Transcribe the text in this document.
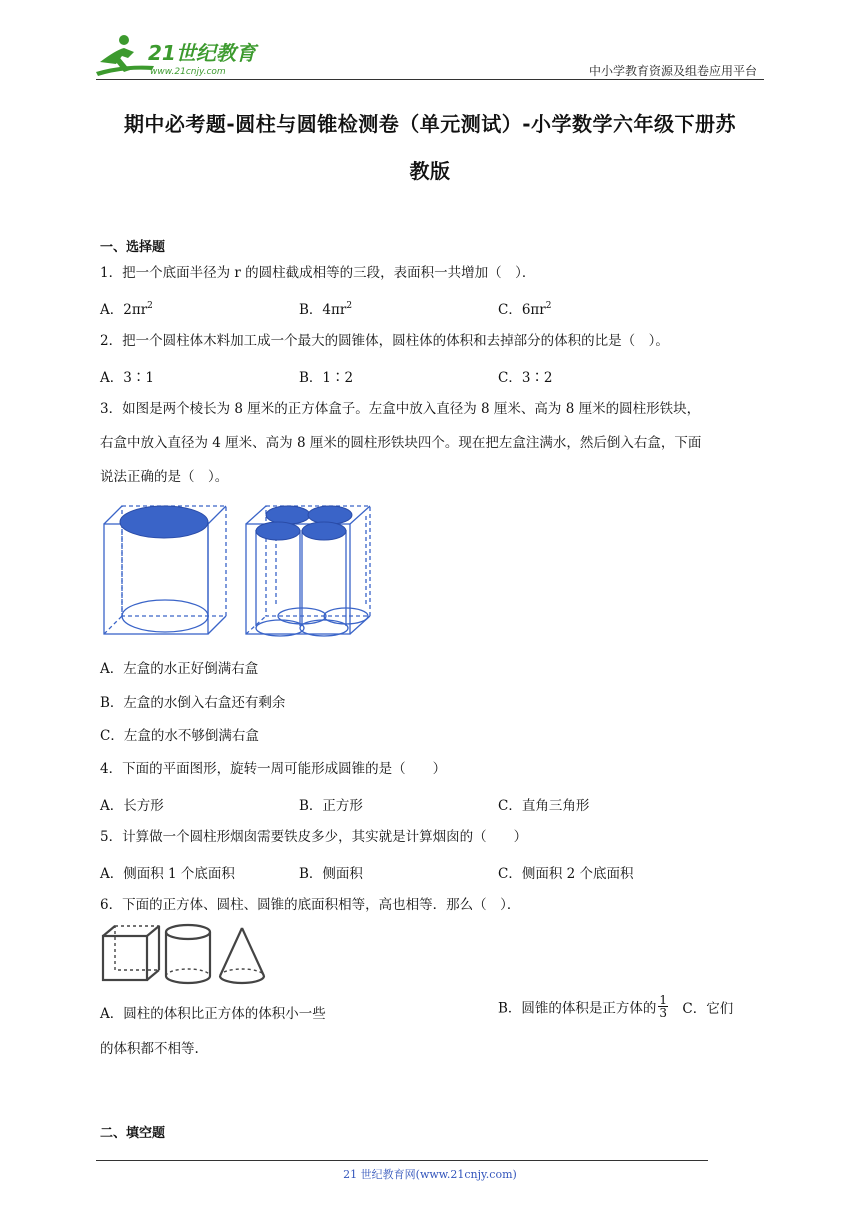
21世纪教育
www.21cnjy.com	中小学教育资源及组卷应用平台
期中必考题-圆柱与圆锥检测卷（单元测试）-小学数学六年级下册苏
教版
一、选择题
1．把一个底面半径为 r 的圆柱截成相等的三段，表面积一共增加（　）．
A．$2\pi r^2$	B．$4\pi r^2$	C．$6\pi r^2$
2．把一个圆柱体木料加工成一个最大的圆锥体，圆柱体的体积和去掉部分的体积的比是（　）。
A．3∶1	B．1∶2	C．3∶2
3．如图是两个棱长为 8 厘米的正方体盒子。左盒中放入直径为 8 厘米、高为 8 厘米的圆柱形铁块，
右盒中放入直径为 4 厘米、高为 8 厘米的圆柱形铁块四个。现在把左盒注满水，然后倒入右盒，下面
说法正确的是（　）。
A．左盒的水正好倒满右盒
B．左盒的水倒入右盒还有剩余
C．左盒的水不够倒满右盒
4．下面的平面图形，旋转一周可能形成圆锥的是（　　）
A．长方形	B．正方形	C．直角三角形
5．计算做一个圆柱形烟囱需要铁皮多少，其实就是计算烟囱的（　　）
A．侧面积 1 个底面积	B．侧面积	C．侧面积 2 个底面积
6．下面的正方体、圆柱、圆锥的底面积相等，高也相等．那么（　）．
A．圆柱的体积比正方体的体积小一些	B．圆锥的体积是正方体的 $\frac{1}{3}$ C．它们
的体积都不相等.
二、填空题
21 世纪教育网(www.21cnjy.com)
